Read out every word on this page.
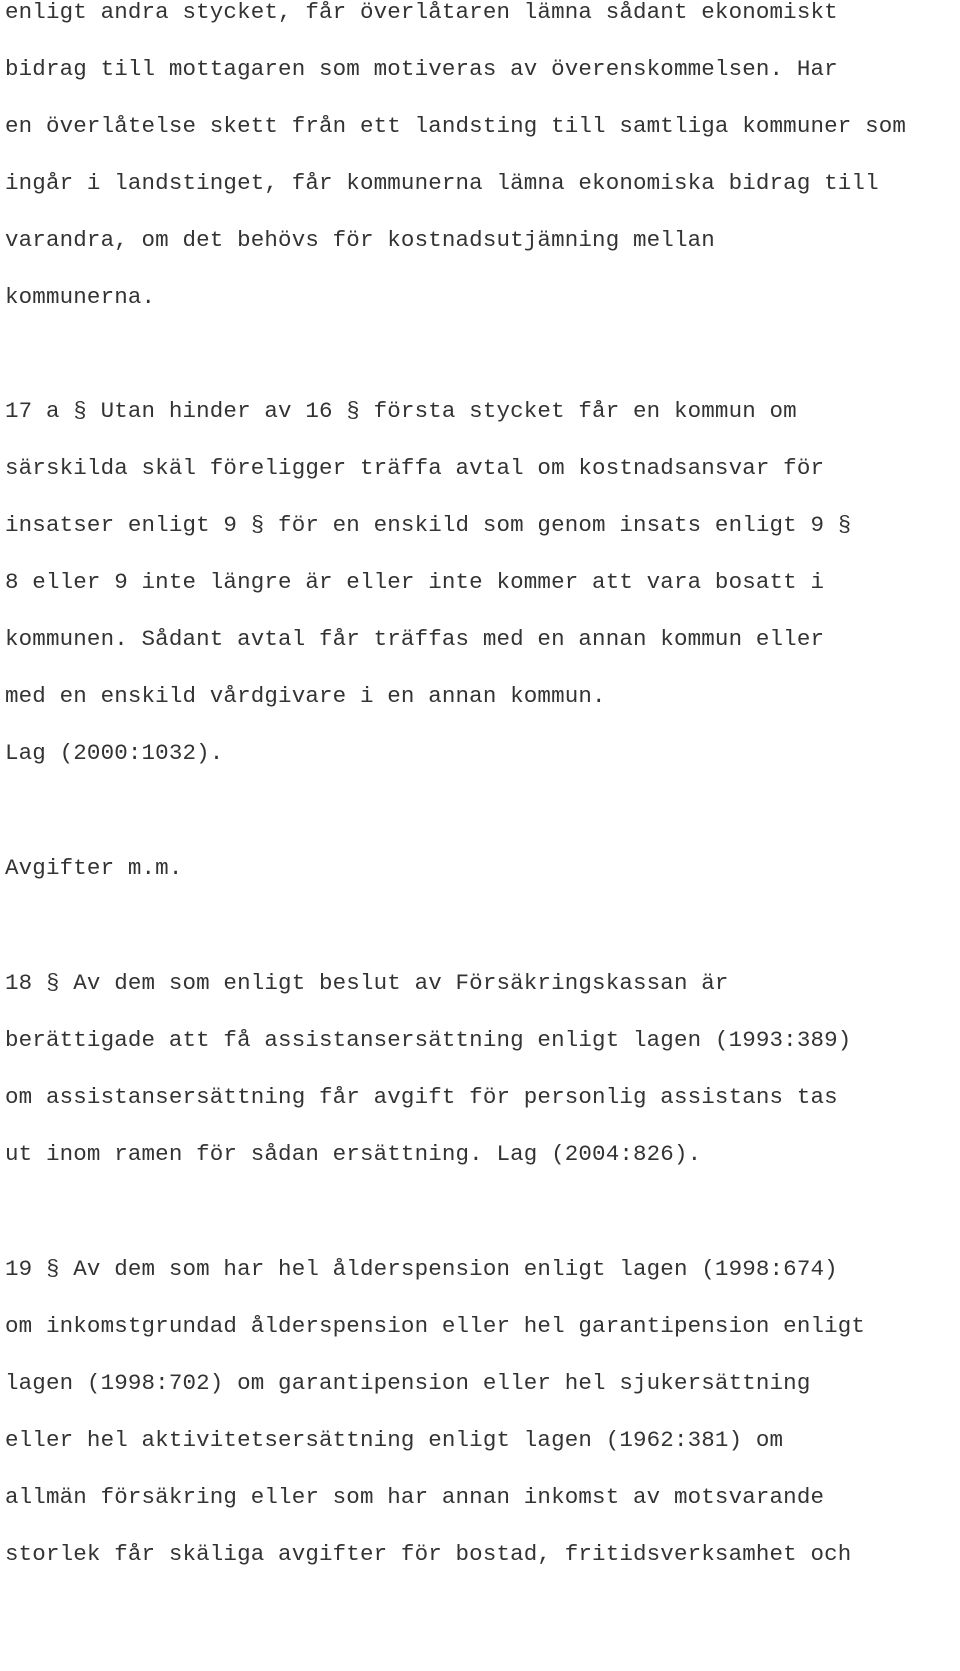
enligt andra stycket, får överlåtaren lämna sådant ekonomiskt

bidrag till mottagaren som motiveras av överenskommelsen. Har

en överlåtelse skett från ett landsting till samtliga kommuner som

ingår i landstinget, får kommunerna lämna ekonomiska bidrag till

varandra, om det behövs för kostnadsutjämning mellan

kommunerna.

17 a § Utan hinder av 16 § första stycket får en kommun om

särskilda skäl föreligger träffa avtal om kostnadsansvar för

insatser enligt 9 § för en enskild som genom insats enligt 9 §

8 eller 9 inte längre är eller inte kommer att vara bosatt i

kommunen. Sådant avtal får träffas med en annan kommun eller

med en enskild vårdgivare i en annan kommun.

Lag (2000:1032).

Avgifter m.m.

18 § Av dem som enligt beslut av Försäkringskassan är

berättigade att få assistansersättning enligt lagen (1993:389)

om assistansersättning får avgift för personlig assistans tas

ut inom ramen för sådan ersättning. Lag (2004:826).

19 § Av dem som har hel ålderspension enligt lagen (1998:674)

om inkomstgrundad ålderspension eller hel garantipension enligt

lagen (1998:702) om garantipension eller hel sjukersättning

eller hel aktivitetsersättning enligt lagen (1962:381) om

allmän försäkring eller som har annan inkomst av motsvarande

storlek får skäliga avgifter för bostad, fritidsverksamhet och
